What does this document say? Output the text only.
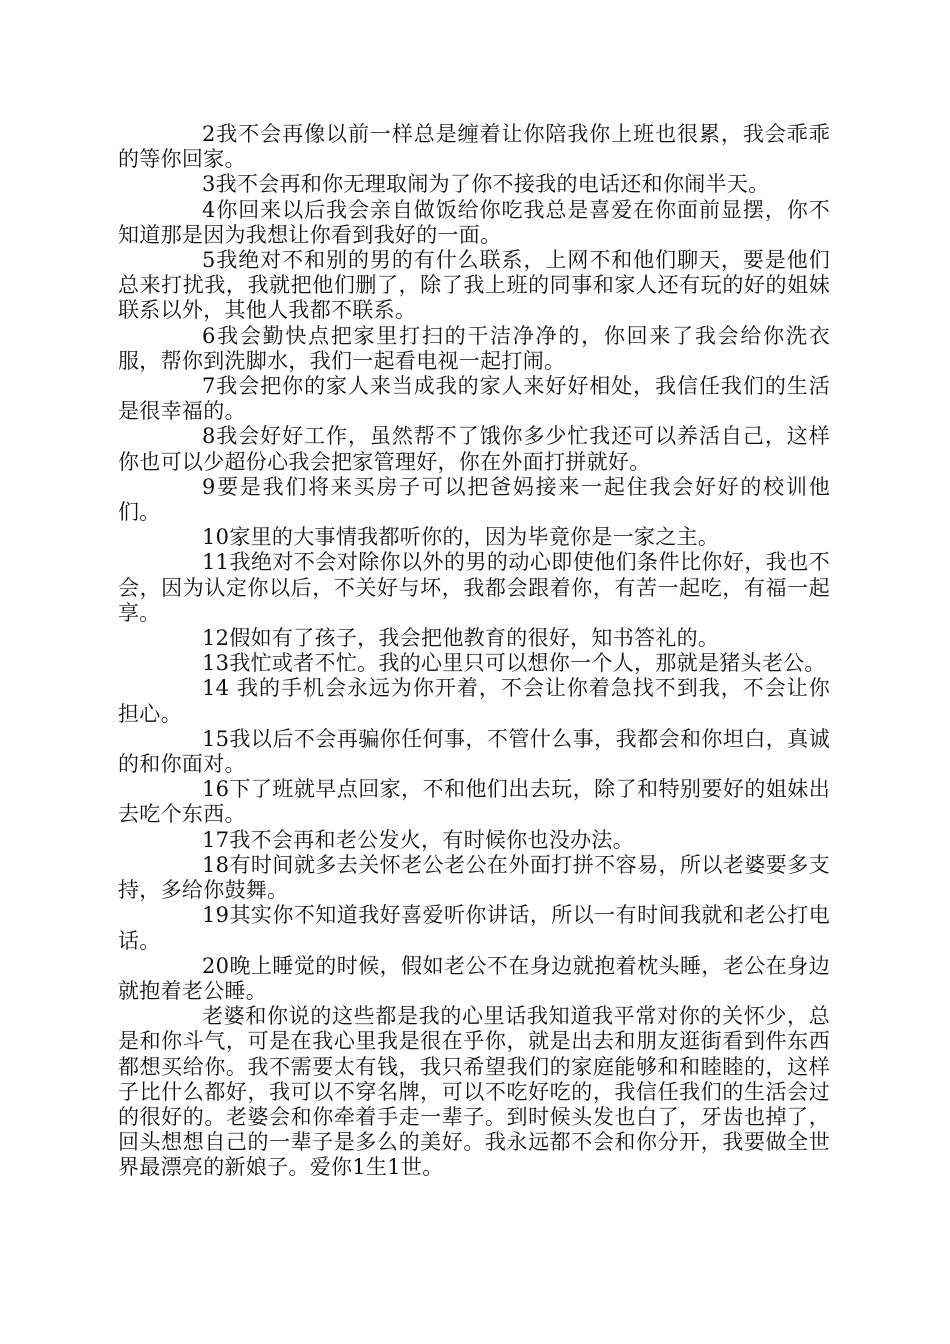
2我不会再像以前一样总是缠着让你陪我你上班也很累，我会乖乖的等你回家。

3我不会再和你无理取闹为了你不接我的电话还和你闹半天。

4你回来以后我会亲自做饭给你吃我总是喜爱在你面前显摆，你不知道那是因为我想让你看到我好的一面。

5我绝对不和别的男的有什么联系，上网不和他们聊天，要是他们总来打扰我，我就把他们删了，除了我上班的同事和家人还有玩的好的姐妹联系以外，其他人我都不联系。

6我会勤快点把家里打扫的干洁净净的，你回来了我会给你洗衣服，帮你到洗脚水，我们一起看电视一起打闹。

7我会把你的家人来当成我的家人来好好相处，我信任我们的生活是很幸福的。

8我会好好工作，虽然帮不了饿你多少忙我还可以养活自己，这样你也可以少超份心我会把家管理好，你在外面打拼就好。

9要是我们将来买房子可以把爸妈接来一起住我会好好的校训他们。

10家里的大事情我都听你的，因为毕竟你是一家之主。

11我绝对不会对除你以外的男的动心即使他们条件比你好，我也不会，因为认定你以后，不关好与坏，我都会跟着你，有苦一起吃，有福一起享。

12假如有了孩子，我会把他教育的很好，知书答礼的。

13我忙或者不忙。我的心里只可以想你一个人，那就是猪头老公。

14 我的手机会永远为你开着，不会让你着急找不到我，不会让你担心。

15我以后不会再骗你任何事，不管什么事，我都会和你坦白，真诚的和你面对。

16下了班就早点回家，不和他们出去玩，除了和特别要好的姐妹出去吃个东西。

17我不会再和老公发火，有时候你也没办法。

18有时间就多去关怀老公老公在外面打拼不容易，所以老婆要多支持，多给你鼓舞。

19其实你不知道我好喜爱听你讲话，所以一有时间我就和老公打电话。

20晚上睡觉的时候，假如老公不在身边就抱着枕头睡，老公在身边就抱着老公睡。

老婆和你说的这些都是我的心里话我知道我平常对你的关怀少，总是和你斗气，可是在我心里我是很在乎你，就是出去和朋友逛街看到件东西都想买给你。我不需要太有钱，我只希望我们的家庭能够和和睦睦的，这样子比什么都好，我可以不穿名牌，可以不吃好吃的，我信任我们的生活会过的很好的。老婆会和你牵着手走一辈子。到时候头发也白了，牙齿也掉了，回头想想自己的一辈子是多么的美好。我永远都不会和你分开，我要做全世界最漂亮的新娘子。爱你1生1世。
